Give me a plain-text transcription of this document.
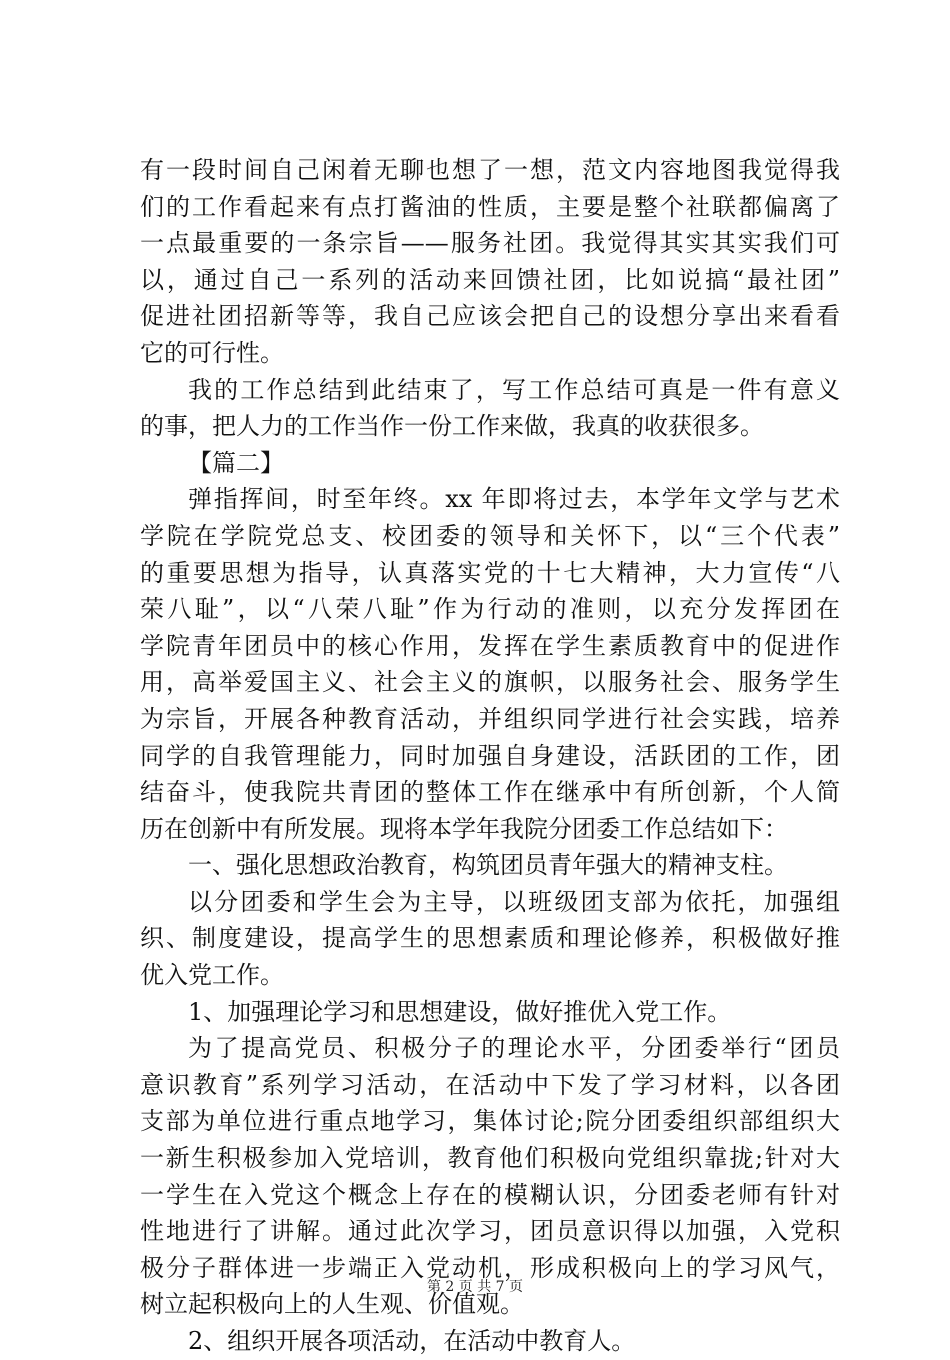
有一段时间自己闲着无聊也想了一想，范文内容地图我觉得我
们的工作看起来有点打酱油的性质，主要是整个社联都偏离了
一点最重要的一条宗旨——服务社团。我觉得其实其实我们可
以，通过自己一系列的活动来回馈社团，比如说搞“最社团”
促进社团招新等等，我自己应该会把自己的设想分享出来看看
它的可行性。
我的工作总结到此结束了，写工作总结可真是一件有意义
的事，把人力的工作当作一份工作来做，我真的收获很多。
【篇二】
弹指挥间，时至年终。xx 年即将过去，本学年文学与艺术
学院在学院党总支、校团委的领导和关怀下，以“三个代表”
的重要思想为指导，认真落实党的十七大精神，大力宣传“八
荣八耻”，以“八荣八耻”作为行动的准则，以充分发挥团在
学院青年团员中的核心作用，发挥在学生素质教育中的促进作
用，高举爱国主义、社会主义的旗帜，以服务社会、服务学生
为宗旨，开展各种教育活动，并组织同学进行社会实践，培养
同学的自我管理能力，同时加强自身建设，活跃团的工作，团
结奋斗，使我院共青团的整体工作在继承中有所创新，个人简
历在创新中有所发展。现将本学年我院分团委工作总结如下：
一、强化思想政治教育，构筑团员青年强大的精神支柱。
以分团委和学生会为主导，以班级团支部为依托，加强组
织、制度建设，提高学生的思想素质和理论修养，积极做好推
优入党工作。
1、加强理论学习和思想建设，做好推优入党工作。
为了提高党员、积极分子的理论水平，分团委举行“团员
意识教育”系列学习活动，在活动中下发了学习材料，以各团
支部为单位进行重点地学习，集体讨论;院分团委组织部组织大
一新生积极参加入党培训，教育他们积极向党组织靠拢;针对大
一学生在入党这个概念上存在的模糊认识，分团委老师有针对
性地进行了讲解。通过此次学习，团员意识得以加强，入党积
极分子群体进一步端正入党动机，形成积极向上的学习风气，
树立起积极向上的人生观、价值观。
2、组织开展各项活动，在活动中教育人。
第 2 页 共 7 页
